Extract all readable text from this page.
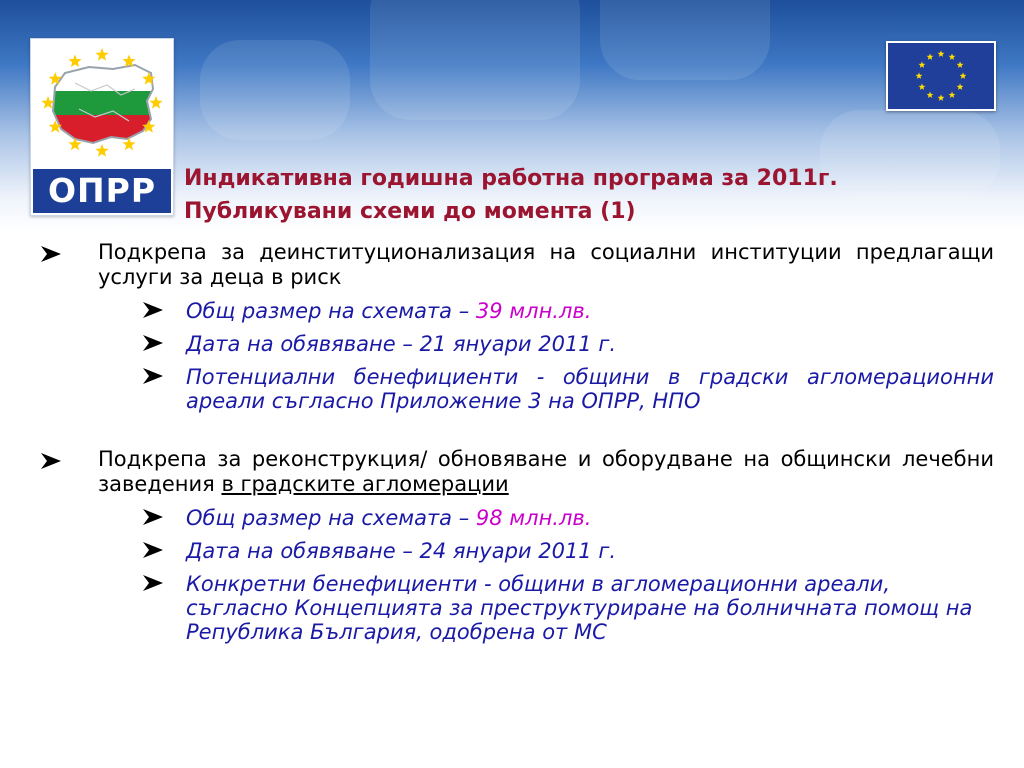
ОПРР	Индикативна годишна работна програма за 2011г.
Публикувани схеми до момента (1)
Подкрепа за деинституционализация на социални институции предлагащи услуги за деца в риск
Общ размер на схемата – 39 млн.лв.
Дата на обявяване – 21 януари 2011 г.
Потенциални бенефициенти - общини в градски агломерационни ареали съгласно Приложение 3 на ОПРР, НПО
Подкрепа за реконструкция/ обновяване и оборудване на общински лечебни заведения в градските агломерации
Общ размер на схемата – 98 млн.лв.
Дата на обявяване – 24 януари 2011 г.
Конкретни бенефициенти - общини в агломерационни ареали, съгласно Концепцията за преструктуриране на болничната помощ на Република България, одобрена от МС
